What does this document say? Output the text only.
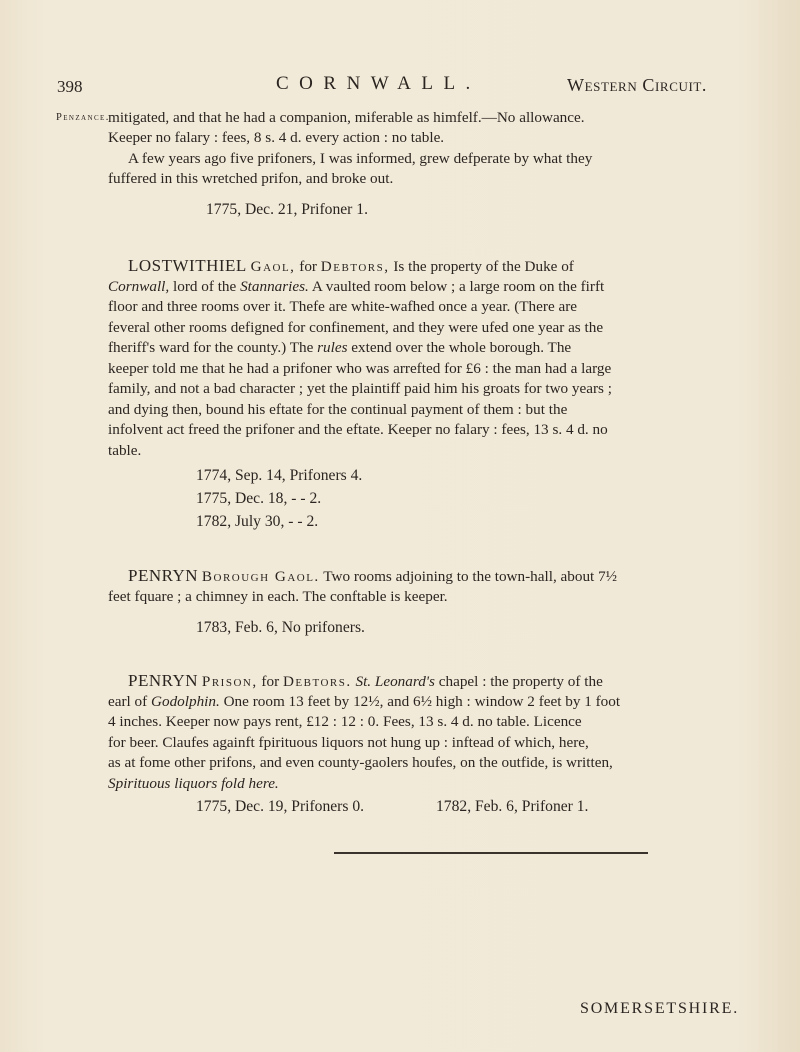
398	CORNWALL.	Western Circuit.
Penzance.
mitigated, and that he had a companion, miferable as himfelf.—No allowance.
Keeper no falary : fees, 8 s. 4 d. every action : no table.
A few years ago five prifoners, I was informed, grew defperate by what they
fuffered in this wretched prifon, and broke out.
1775, Dec. 21, Prifoner 1.
LOSTWITHIEL Gaol, for Debtors, Is the property of the Duke of
Cornwall, lord of the Stannaries. A vaulted room below ; a large room on the firft
floor and three rooms over it. Thefe are white-wafhed once a year. (There are
feveral other rooms defigned for confinement, and they were ufed one year as the
fheriff's ward for the county.) The rules extend over the whole borough. The
keeper told me that he had a prifoner who was arrefted for £6 : the man had a large
family, and not a bad character ; yet the plaintiff paid him his groats for two years ;
and dying then, bound his eftate for the continual payment of them : but the
infolvent act freed the prifoner and the eftate. Keeper no falary : fees, 13 s. 4 d. no
table.
1774, Sep. 14, Prifoners 4.
1775, Dec. 18, - - 2.
1782, July 30, - - 2.
PENRYN Borough Gaol. Two rooms adjoining to the town-hall, about 7½
feet fquare ; a chimney in each. The conftable is keeper.
1783, Feb. 6, No prifoners.
PENRYN Prison, for Debtors. St. Leonard's chapel : the property of the
earl of Godolphin. One room 13 feet by 12½, and 6½ high : window 2 feet by 1 foot
4 inches. Keeper now pays rent, £12 : 12 : 0. Fees, 13 s. 4 d. no table. Licence
for beer. Claufes againft fpirituous liquors not hung up : inftead of which, here,
as at fome other prifons, and even county-gaolers houfes, on the outfide, is written,
Spirituous liquors fold here.
1775, Dec. 19, Prifoners 0.	1782, Feb. 6, Prifoner 1.
SOMERSETSHIRE.
